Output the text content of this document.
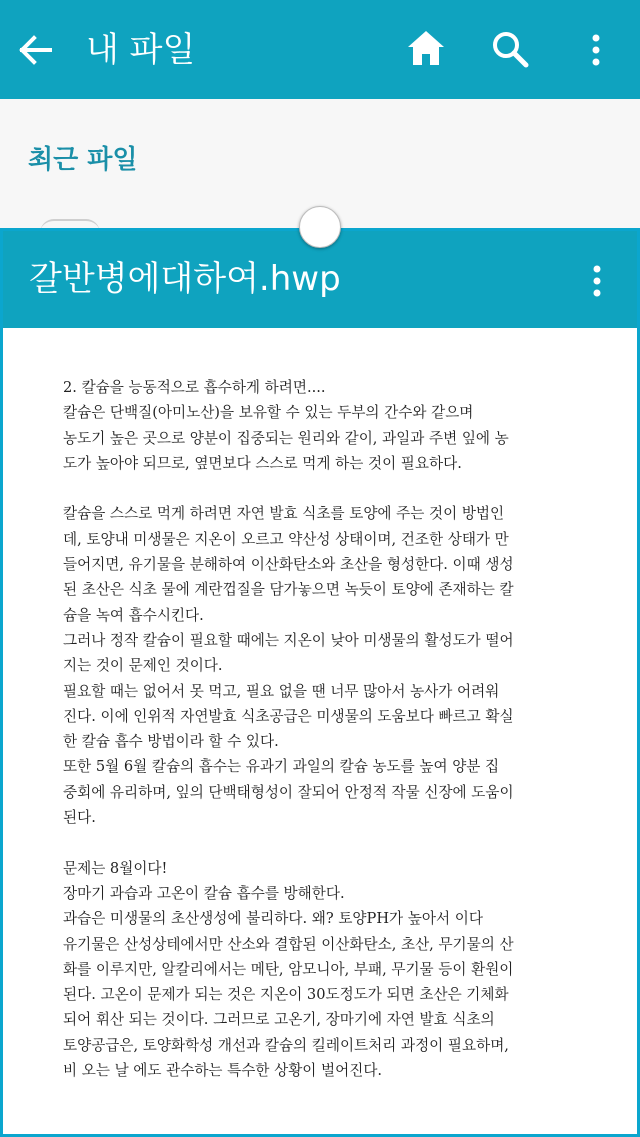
내 파일
최근 파일
갈반병에대하여.hwp

2. 칼슘을 능동적으로 흡수하게 하려면....

칼슘은 단백질(아미노산)을 보유할 수 있는 두부의 간수와 같으며

농도기 높은 곳으로 양분이 집중되는 원리와 같이, 과일과 주변 잎에 농

도가 높아야 되므로, 옆면보다 스스로 먹게 하는 것이 필요하다.

칼슘을 스스로 먹게 하려면 자연 발효 식초를 토양에 주는 것이 방법인

데, 토양내 미생물은 지온이 오르고 약산성 상태이며, 건조한 상태가 만

들어지면, 유기물을 분해하여 이산화탄소와 초산을 형성한다. 이때 생성

된 초산은 식초 물에 계란껍질을 담가놓으면 녹듯이 토양에 존재하는 칼

슘을 녹여 흡수시킨다.

그러나 정작 칼슘이 필요할 때에는 지온이 낮아 미생물의 활성도가 떨어

지는 것이 문제인 것이다.

필요할 때는 없어서 못 먹고, 필요 없을 땐 너무 많아서 농사가 어려워

진다. 이에 인위적 자연발효 식초공급은 미생물의 도움보다 빠르고 확실

한 칼슘 흡수 방법이라 할 수 있다.

또한 5월 6월 칼슘의 흡수는 유과기 과일의 칼슘 농도를 높여 양분 집

중회에 유리하며, 잎의 단백태형성이 잘되어 안정적 작물 신장에 도움이

된다.

문제는 8월이다!

장마기 과습과 고온이 칼슘 흡수를 방해한다.

과습은 미생물의 초산생성에 불리하다. 왜? 토양PH가 높아서 이다

유기물은 산성상테에서만 산소와 결합된 이산화탄소, 초산, 무기물의 산

화를 이루지만, 알칼리에서는 메탄, 암모니아, 부패, 무기물 등이 환원이

된다. 고온이 문제가 되는 것은 지온이 30도정도가 되면 초산은 기체화

되어 휘산 되는 것이다. 그러므로 고온기, 장마기에 자연 발효 식초의

토양공급은, 토양화학성 개선과 칼슘의 킬레이트처리 과정이 필요하며,

비 오는 날 에도 관수하는 특수한 상황이 벌어진다.
